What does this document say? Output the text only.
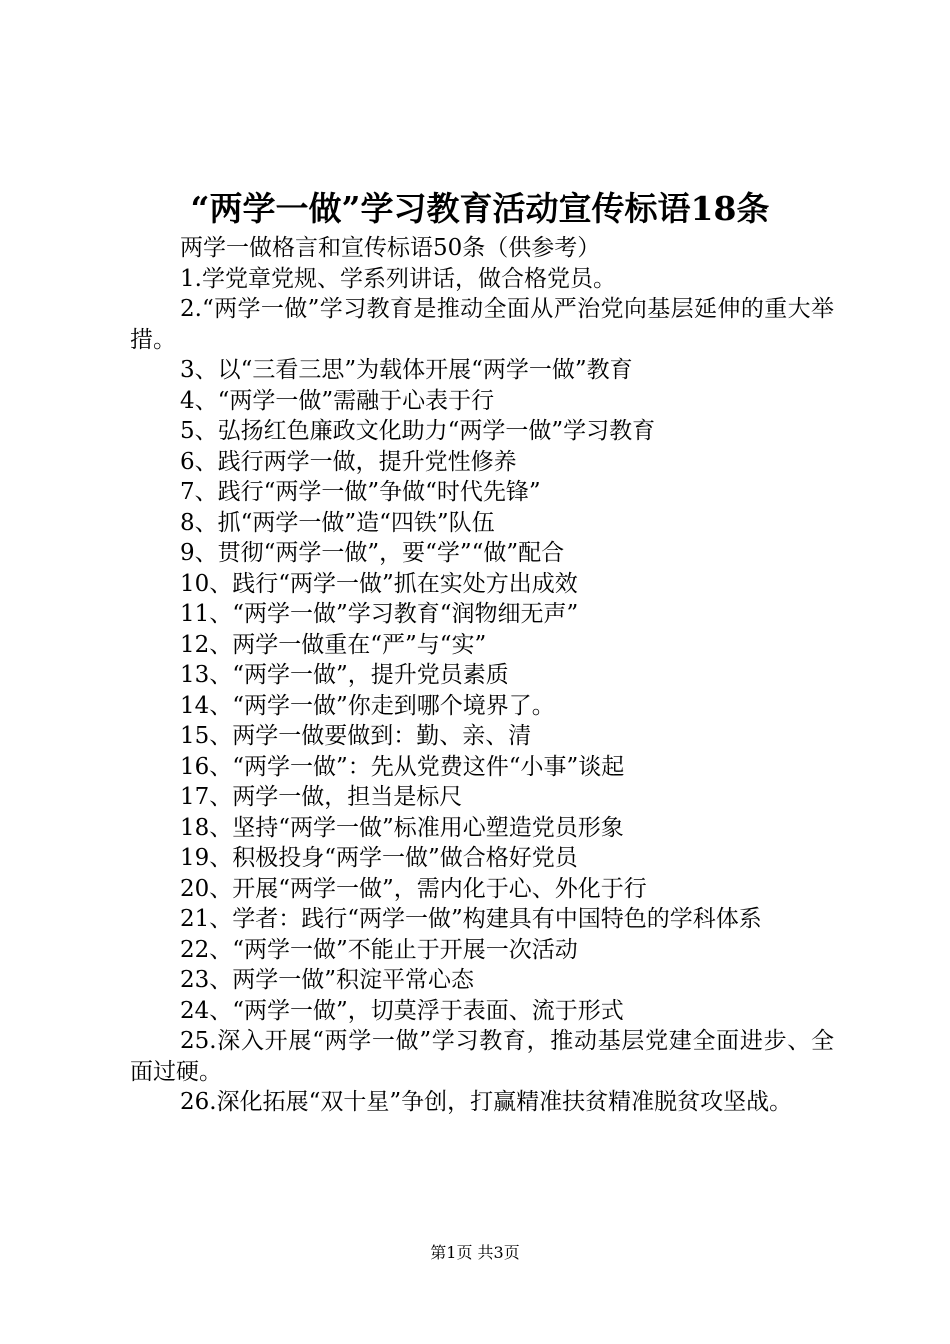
“两学一做”学习教育活动宣传标语18条

两学一做格言和宣传标语50条（供参考）

1.学党章党规、学系列讲话，做合格党员。

2.“两学一做”学习教育是推动全面从严治党向基层延伸的重大举措。

3、以“三看三思”为载体开展“两学一做”教育

4、“两学一做”需融于心表于行

5、弘扬红色廉政文化助力“两学一做”学习教育

6、践行两学一做，提升党性修养

7、践行“两学一做”争做“时代先锋”

8、抓“两学一做”造“四铁”队伍

9、贯彻“两学一做”，要“学”“做”配合

10、践行“两学一做”抓在实处方出成效

11、“两学一做”学习教育“润物细无声”

12、两学一做重在“严”与“实”

13、“两学一做”，提升党员素质

14、“两学一做”你走到哪个境界了。

15、两学一做要做到：勤、亲、清

16、“两学一做”：先从党费这件“小事”谈起

17、两学一做，担当是标尺

18、坚持“两学一做”标准用心塑造党员形象

19、积极投身“两学一做”做合格好党员

20、开展“两学一做”，需内化于心、外化于行

21、学者：践行“两学一做”构建具有中国特色的学科体系

22、“两学一做”不能止于开展一次活动

23、两学一做”积淀平常心态

24、“两学一做”，切莫浮于表面、流于形式

25.深入开展“两学一做”学习教育，推动基层党建全面进步、全面过硬。

26.深化拓展“双十星”争创，打赢精准扶贫精准脱贫攻坚战。

第1页 共3页
